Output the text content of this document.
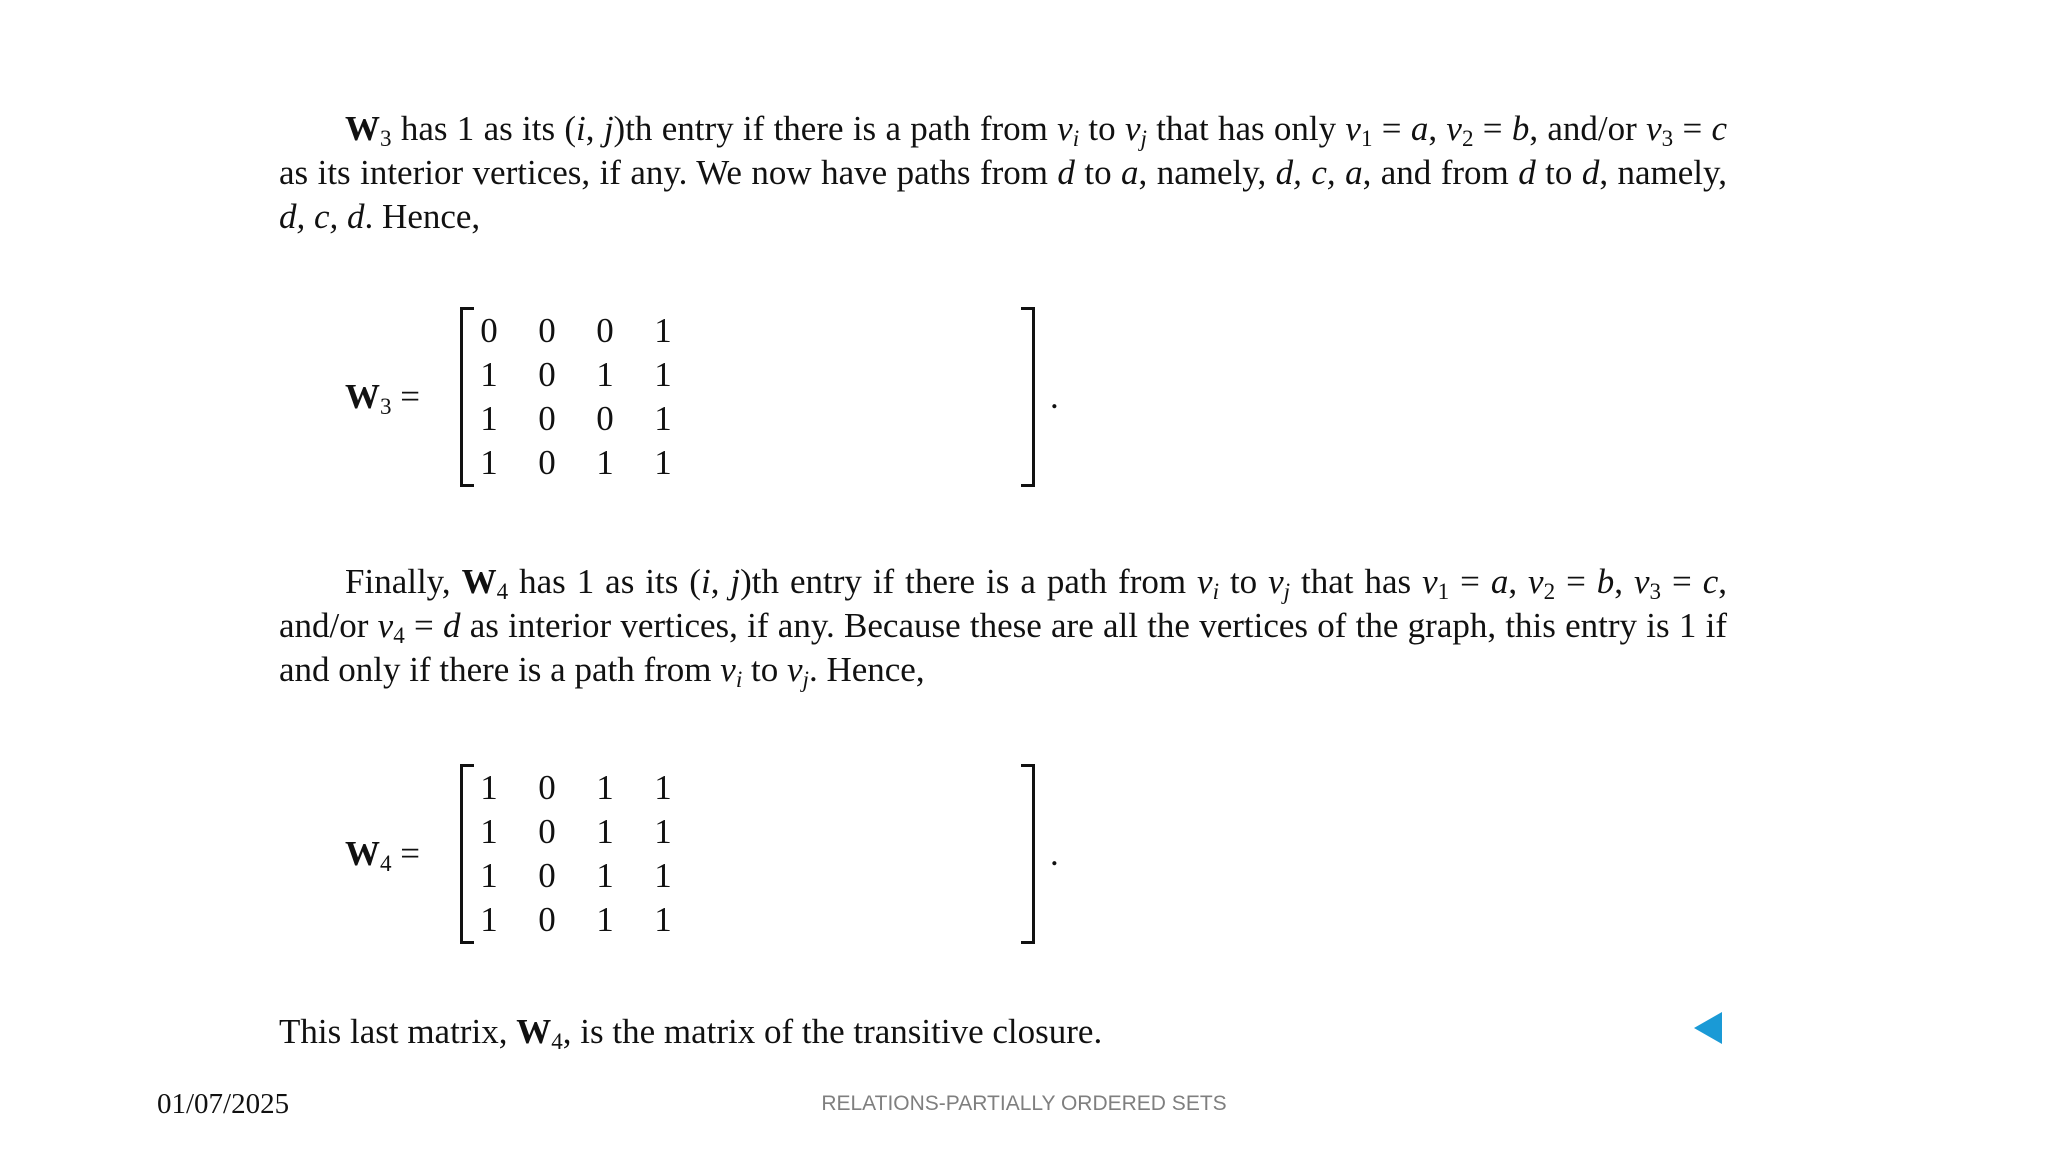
$W_3$ has 1 as its (i, j)th entry if there is a path from $v_i$ to $v_j$ that has only $v_1 = a$, $v_2 = b$, and/or $v_3 = c$ as its interior vertices, if any. We now have paths from d to a, namely, d, c, a, and from d to d, namely, d, c, d. Hence,

$W_3$ =
0	0	0	1
1	0	1	1
1	0	0	1
1	0	1	1
.

Finally, $W_4$ has 1 as its (i, j)th entry if there is a path from $v_i$ to $v_j$ that has $v_1 = a$, $v_2 = b$, $v_3 = c$, and/or $v_4 = d$ as interior vertices, if any. Because these are all the vertices of the graph, this entry is 1 if and only if there is a path from $v_i$ to $v_j$. Hence,

$W_4$ =
1	0	1	1
1	0	1	1
1	0	1	1
1	0	1	1
.

This last matrix, $W_4$, is the matrix of the transitive closure.

01/07/2025	RELATIONS-PARTIALLY ORDERED SETS
